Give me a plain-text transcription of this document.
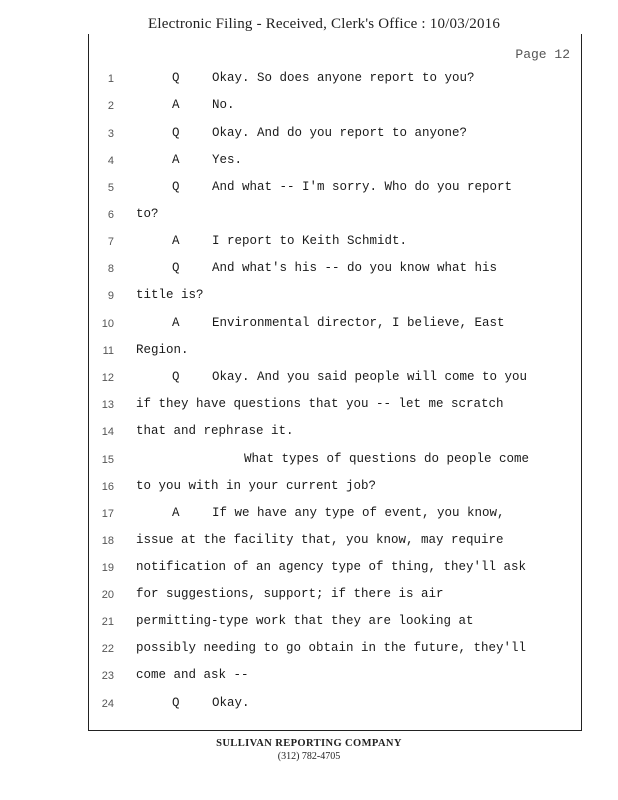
Electronic Filing - Received, Clerk's Office : 10/03/2016
Page 12
1	Q	Okay. So does anyone report to you?
2	A	No.
3	Q	Okay. And do you report to anyone?
4	A	Yes.
5	Q	And what -- I'm sorry. Who do you report
6 to?
7	A	I report to Keith Schmidt.
8	Q	And what's his -- do you know what his
9 title is?
10	A	Environmental director, I believe, East
11 Region.
12	Q	Okay. And you said people will come to you
13 if they have questions that you -- let me scratch
14 that and rephrase it.
15	What types of questions do people come
16 to you with in your current job?
17	A	If we have any type of event, you know,
18 issue at the facility that, you know, may require
19 notification of an agency type of thing, they'll ask
20 for suggestions, support; if there is air
21 permitting-type work that they are looking at
22 possibly needing to go obtain in the future, they'll
23 come and ask --
24	Q	Okay.
SULLIVAN REPORTING COMPANY
(312) 782-4705
